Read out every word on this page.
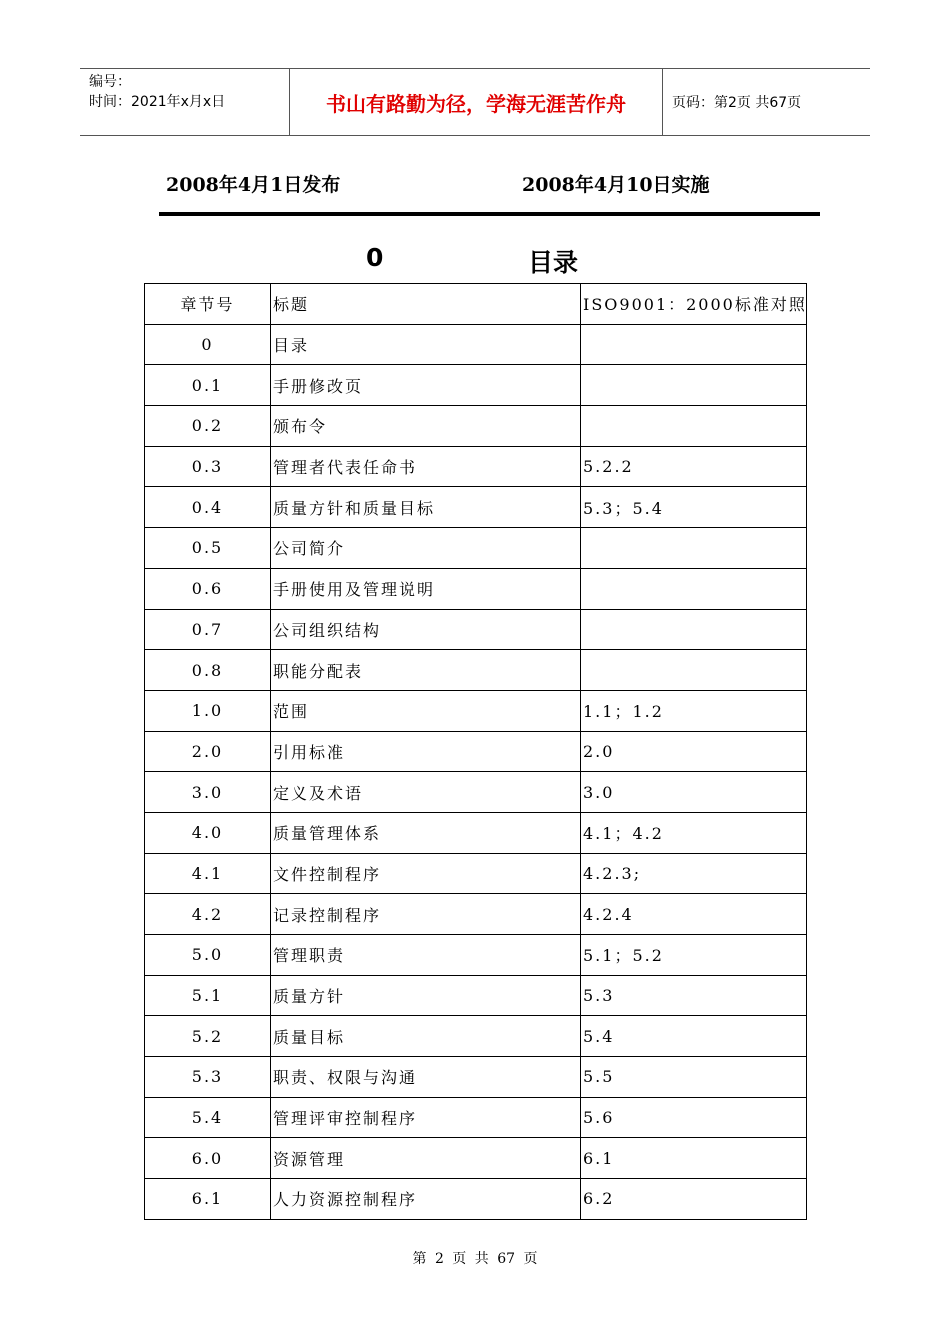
编号：
时间：2021年x月x日	书山有路勤为径，学海无涯苦作舟	页码：第2页 共67页
2008年4月1日发布	2008年4月10日实施
0	目录
章节号	标题	ISO9001：2000标准对照
0	目录	
0.1	手册修改页	
0.2	颁布令	
0.3	管理者代表任命书	5.2.2
0.4	质量方针和质量目标	5.3；5.4
0.5	公司简介	
0.6	手册使用及管理说明	
0.7	公司组织结构	
0.8	职能分配表	
1.0	范围	1.1；1.2
2.0	引用标准	2.0
3.0	定义及术语	3.0
4.0	质量管理体系	4.1；4.2
4.1	文件控制程序	4.2.3;
4.2	记录控制程序	4.2.4
5.0	管理职责	5.1；5.2
5.1	质量方针	5.3
5.2	质量目标	5.4
5.3	职责、权限与沟通	5.5
5.4	管理评审控制程序	5.6
6.0	资源管理	6.1
6.1	人力资源控制程序	6.2
第 2 页 共 67 页
